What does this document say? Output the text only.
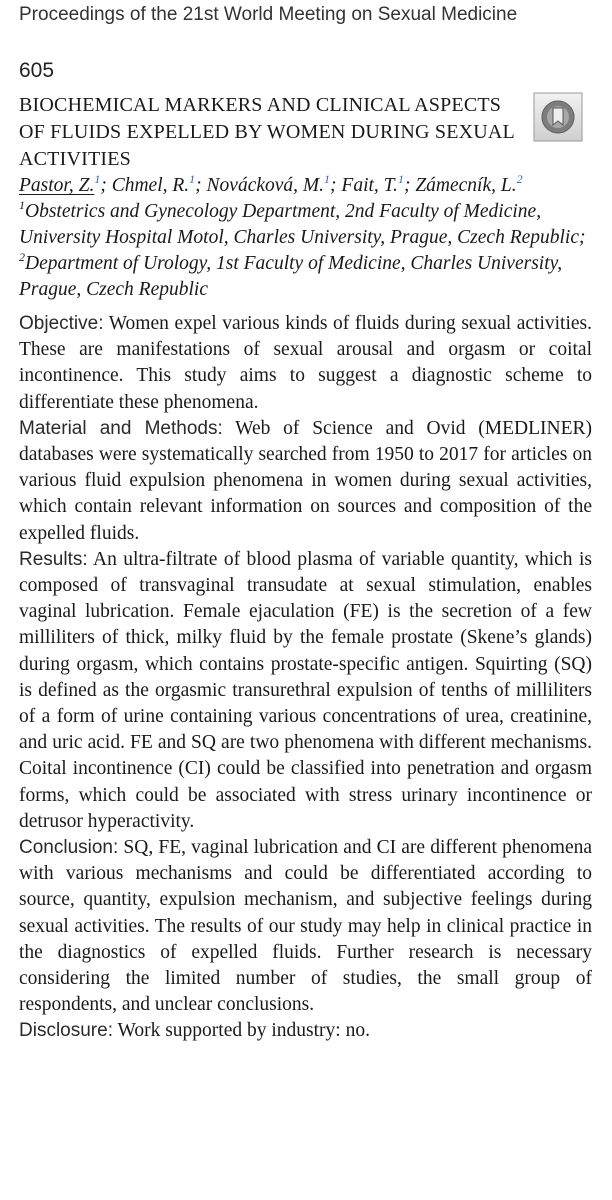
Proceedings of the 21st World Meeting on Sexual Medicine
605
BIOCHEMICAL MARKERS AND CLINICAL ASPECTS OF FLUIDS EXPELLED BY WOMEN DURING SEXUAL ACTIVITIES
Pastor, Z.$^1$; Chmel, R.$^1$; Novácková, M.$^1$; Fait, T.$^1$; Zámecník, L.$^2$
$^1$Obstetrics and Gynecology Department, 2nd Faculty of Medicine, University Hospital Motol, Charles University, Prague, Czech Republic; $^2$Department of Urology, 1st Faculty of Medicine, Charles University, Prague, Czech Republic
Objective: Women expel various kinds of fluids during sexual activities. These are manifestations of sexual arousal and orgasm or coital incontinence. This study aims to suggest a diagnostic scheme to differentiate these phenomena.
Material and Methods: Web of Science and Ovid (MEDLINER) databases were systematically searched from 1950 to 2017 for articles on various fluid expulsion phenomena in women during sexual activities, which contain relevant information on sources and composition of the expelled fluids.
Results: An ultra-filtrate of blood plasma of variable quantity, which is composed of transvaginal transudate at sexual stimulation, enables vaginal lubrication. Female ejaculation (FE) is the secretion of a few milliliters of thick, milky fluid by the female prostate (Skene’s glands) during orgasm, which contains prostate-specific antigen. Squirting (SQ) is defined as the orgasmic transurethral expulsion of tenths of milliliters of a form of urine containing various concentrations of urea, creatinine, and uric acid. FE and SQ are two phenomena with different mechanisms. Coital incontinence (CI) could be classified into penetration and orgasm forms, which could be associated with stress urinary incontinence or detrusor hyperactivity.
Conclusion: SQ, FE, vaginal lubrication and CI are different phenomena with various mechanisms and could be differentiated according to source, quantity, expulsion mechanism, and subjective feelings during sexual activities. The results of our study may help in clinical practice in the diagnostics of expelled fluids. Further research is necessary considering the limited number of studies, the small group of respondents, and unclear conclusions.
Disclosure: Work supported by industry: no.
